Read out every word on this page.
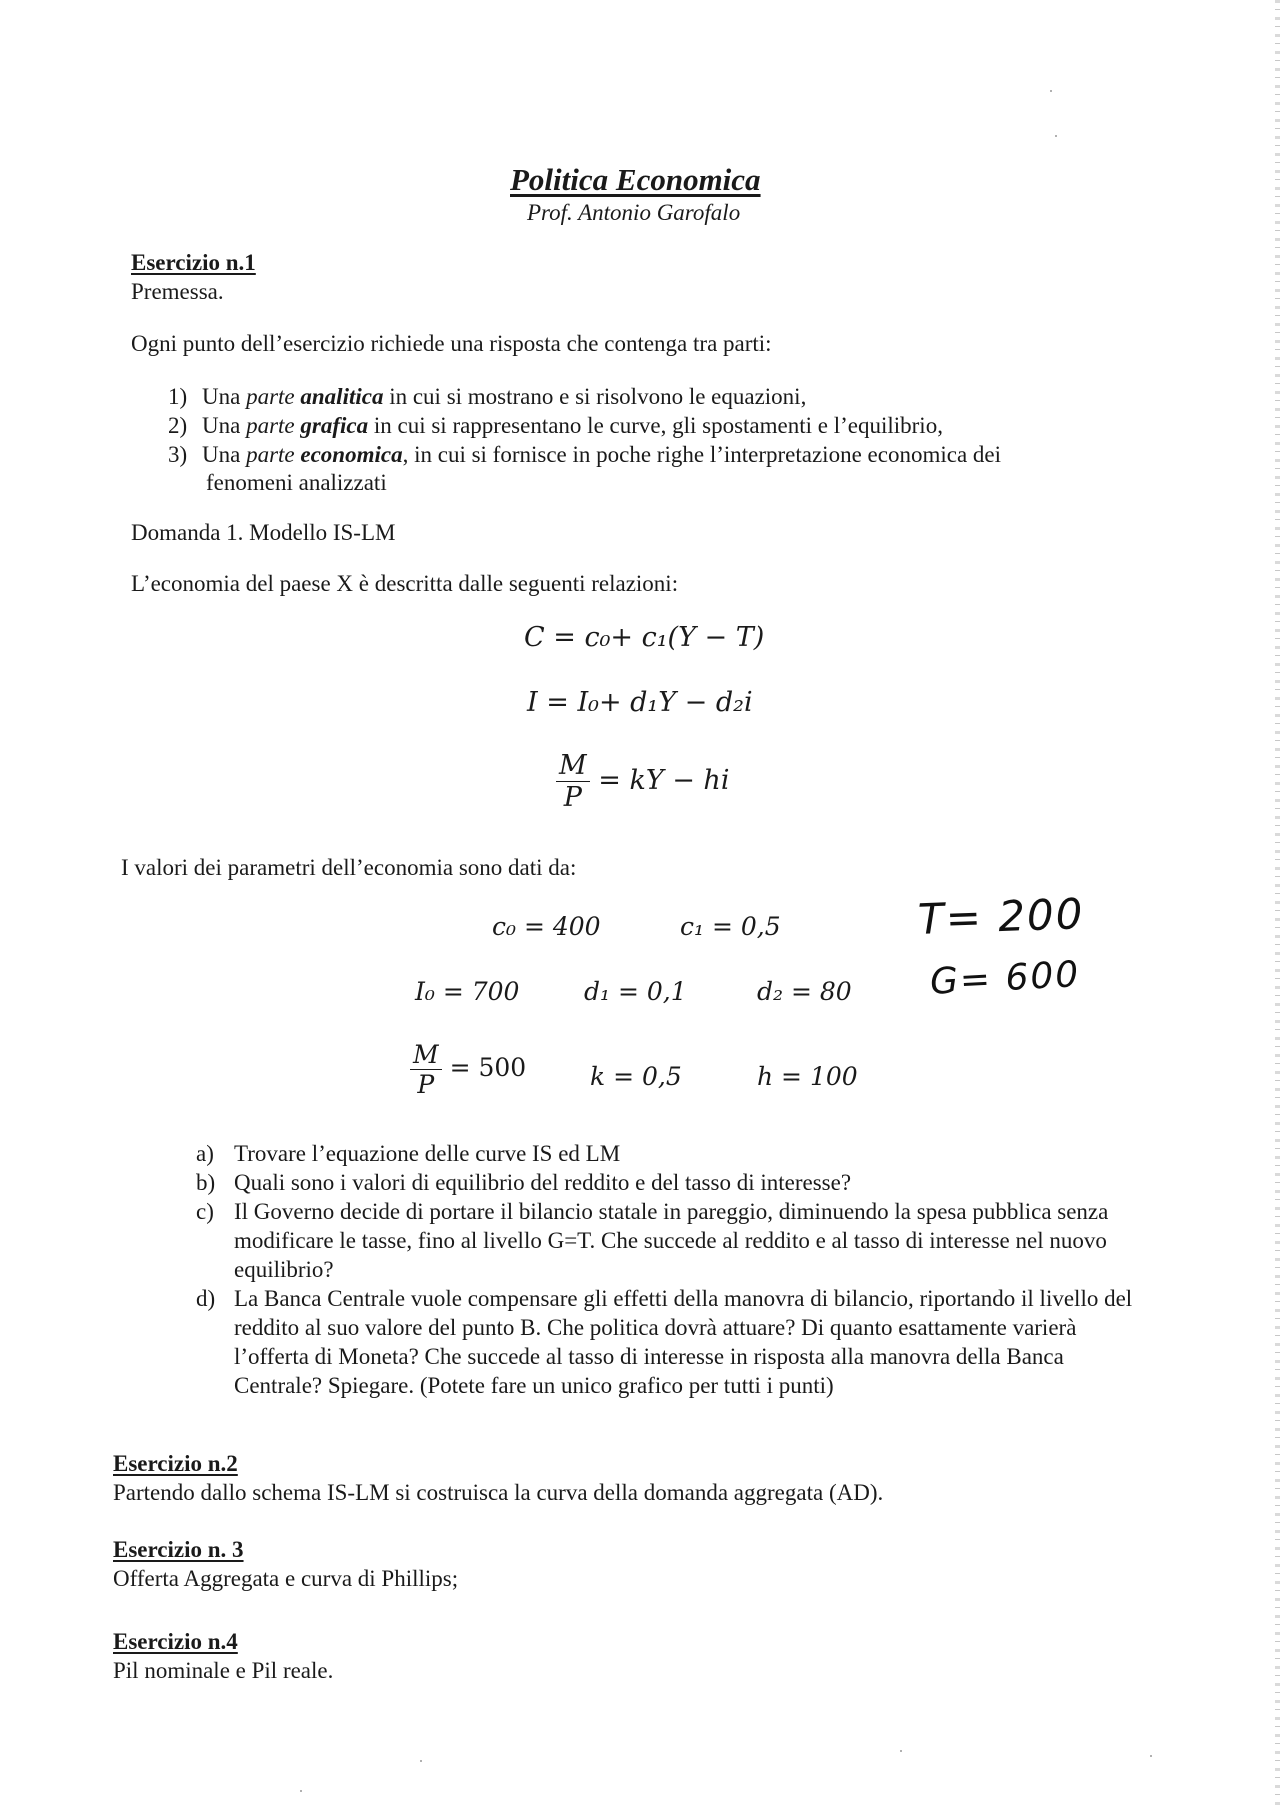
Politica Economica
Prof. Antonio Garofalo
Esercizio n.1
Premessa.
Ogni punto dell’esercizio richiede una risposta che contenga tra parti:
1) Una parte analitica in cui si mostrano e si risolvono le equazioni,
2) Una parte grafica in cui si rappresentano le curve, gli spostamenti e l’equilibrio,
3) Una parte economica, in cui si fornisce in poche righe l’interpretazione economica dei
fenomeni analizzati
Domanda 1. Modello IS-LM
L’economia del paese X è descritta dalle seguenti relazioni:
C = c₀+ c₁(Y − T)
I = I₀+ d₁Y − d₂i
$\frac{M}{P}$ = kY − hi
I valori dei parametri dell’economia sono dati da:
c₀ = 400	c₁ = 0,5
I₀ = 700	d₁ = 0,1	d₂ = 80
$\frac{M}{P} = 500$	k = 0,5	h = 100
T= 200
G= 600
a) Trovare l’equazione delle curve IS ed LM
b) Quali sono i valori di equilibrio del reddito e del tasso di interesse?
c) Il Governo decide di portare il bilancio statale in pareggio, diminuendo la spesa pubblica senza modificare le tasse, fino al livello G=T. Che succede al reddito e al tasso di interesse nel nuovo equilibrio?
d) La Banca Centrale vuole compensare gli effetti della manovra di bilancio, riportando il livello del reddito al suo valore del punto B. Che politica dovrà attuare? Di quanto esattamente varierà l’offerta di Moneta? Che succede al tasso di interesse in risposta alla manovra della Banca Centrale? Spiegare. (Potete fare un unico grafico per tutti i punti)
Esercizio n.2
Partendo dallo schema IS-LM si costruisca la curva della domanda aggregata (AD).
Esercizio n. 3
Offerta Aggregata e curva di Phillips;
Esercizio n.4
Pil nominale e Pil reale.
